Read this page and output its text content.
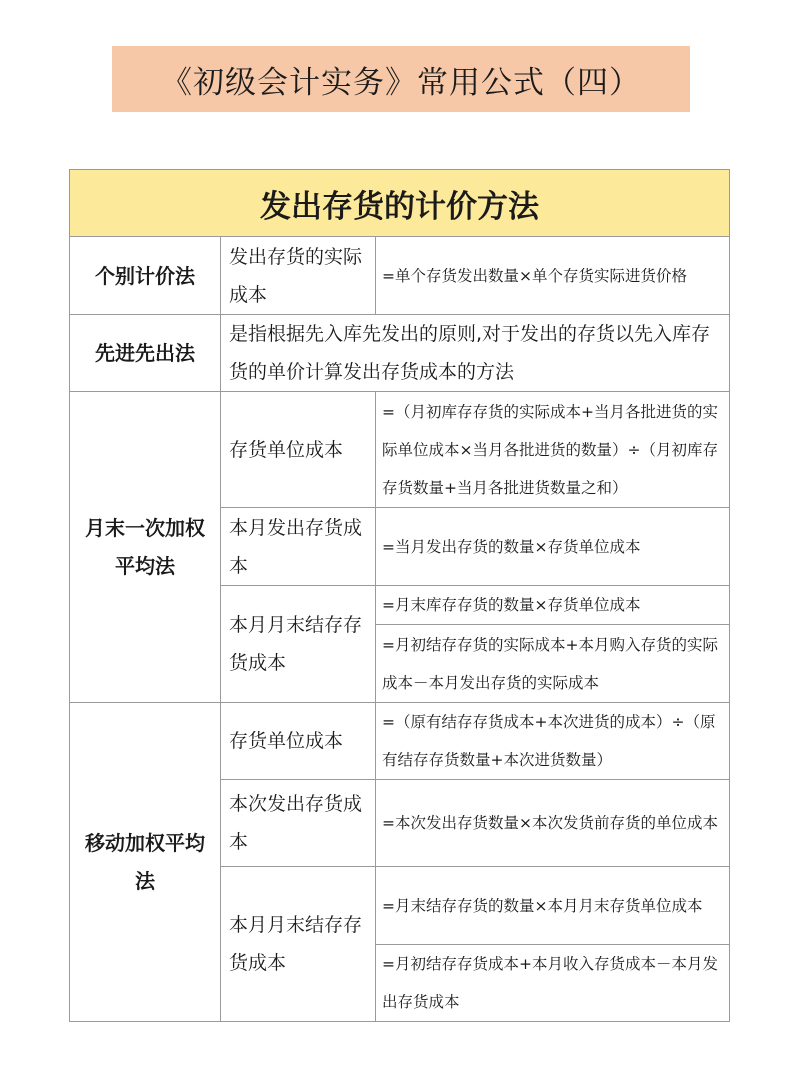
《初级会计实务》常用公式（四）
发出存货的计价方法		
个别计价法	发出存货的实际成本	=单个存货发出数量×单个存货实际进货价格
先进先出法	是指根据先入库先发出的原则,对于发出的存货以先入库存货的单价计算发出存货成本的方法	
月末一次加权平均法	存货单位成本	=（月初库存存货的实际成本+当月各批进货的实际单位成本×当月各批进货的数量）÷（月初库存存货数量+当月各批进货数量之和）
	本月发出存货成本	=当月发出存货的数量×存货单位成本
	本月月末结存存货成本	=月末库存存货的数量×存货单位成本
		=月初结存存货的实际成本+本月购入存货的实际成本－本月发出存货的实际成本
移动加权平均法	存货单位成本	=（原有结存存货成本+本次进货的成本）÷（原有结存存货数量+本次进货数量）
	本次发出存货成本	=本次发出存货数量×本次发货前存货的单位成本
	本月月末结存存货成本	=月末结存存货的数量×本月月末存货单位成本
		=月初结存存货成本+本月收入存货成本－本月发出存货成本
